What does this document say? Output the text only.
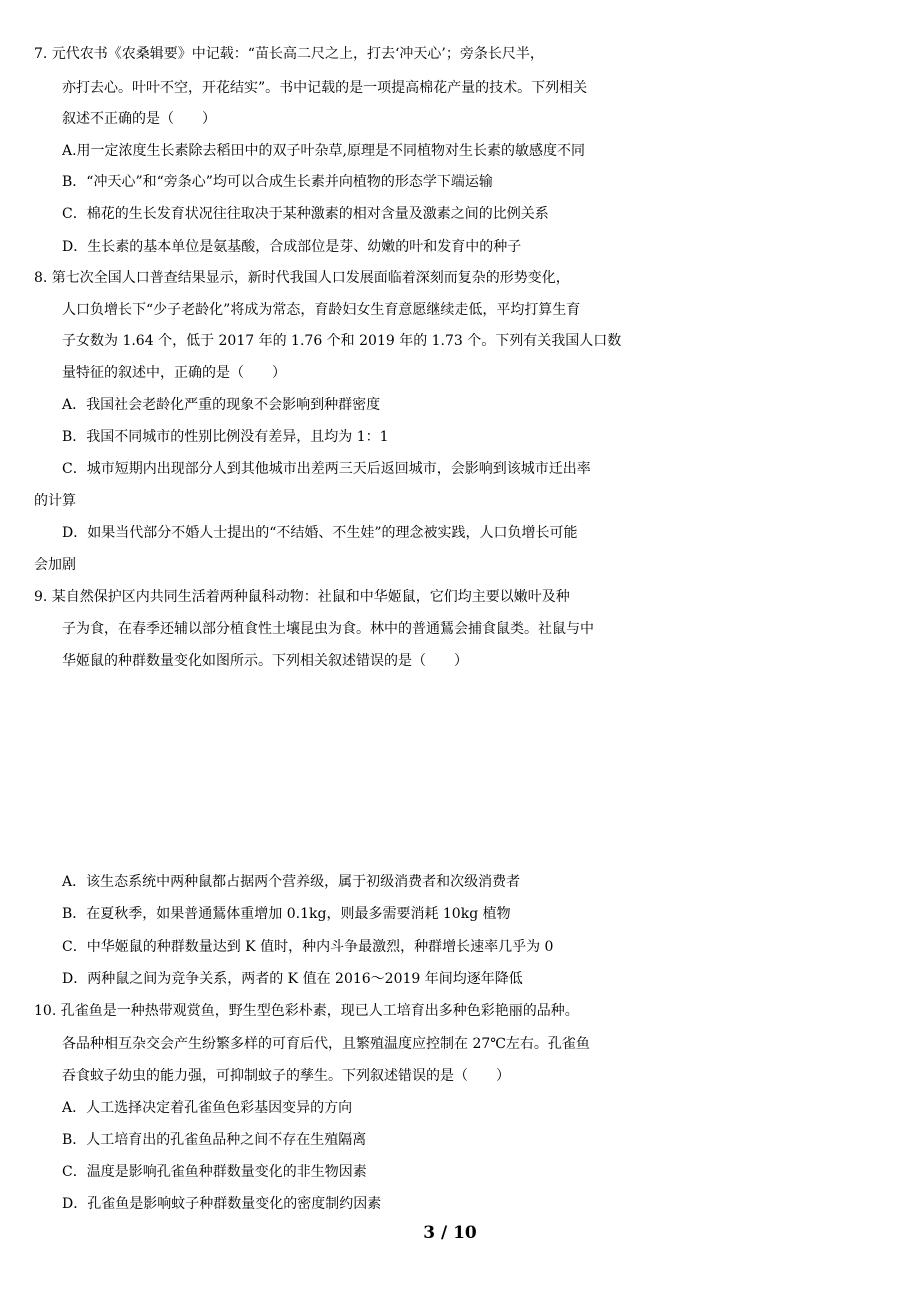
7. 元代农书《农桑辑要》中记载：“苗长高二尺之上，打去‘冲天心’；旁条长尺半，
亦打去心。叶叶不空，开花结实”。书中记载的是一项提高棉花产量的技术。下列相关
叙述不正确的是（　　）
A.用一定浓度生长素除去稻田中的双子叶杂草,原理是不同植物对生长素的敏感度不同
B．“冲天心”和“旁条心”均可以合成生长素并向植物的形态学下端运输
C．棉花的生长发育状况往往取决于某种激素的相对含量及激素之间的比例关系
D．生长素的基本单位是氨基酸，合成部位是芽、幼嫩的叶和发育中的种子
8. 第七次全国人口普查结果显示，新时代我国人口发展面临着深刻而复杂的形势变化，
人口负增长下“少子老龄化”将成为常态，育龄妇女生育意愿继续走低，平均打算生育
子女数为 1.64 个，低于 2017 年的 1.76 个和 2019 年的 1.73 个。下列有关我国人口数
量特征的叙述中，正确的是（　　）
A．我国社会老龄化严重的现象不会影响到种群密度
B．我国不同城市的性别比例没有差异，且均为 1：1
C．城市短期内出现部分人到其他城市出差两三天后返回城市，会影响到该城市迁出率
的计算
D．如果当代部分不婚人士提出的“不结婚、不生娃”的理念被实践，人口负增长可能
会加剧
9. 某自然保护区内共同生活着两种鼠科动物：社鼠和中华姬鼠，它们均主要以嫩叶及种
子为食，在春季还辅以部分植食性土壤昆虫为食。林中的普通鵟会捕食鼠类。社鼠与中
华姬鼠的种群数量变化如图所示。下列相关叙述错误的是（　　）
A．该生态系统中两种鼠都占据两个营养级，属于初级消费者和次级消费者
B．在夏秋季，如果普通鵟体重增加 0.1kg，则最多需要消耗 10kg 植物
C．中华姬鼠的种群数量达到 K 值时，种内斗争最激烈，种群增长速率几乎为 0
D．两种鼠之间为竞争关系，两者的 K 值在 2016～2019 年间均逐年降低
10. 孔雀鱼是一种热带观赏鱼，野生型色彩朴素，现已人工培育出多种色彩艳丽的品种。
各品种相互杂交会产生纷繁多样的可育后代，且繁殖温度应控制在 27℃左右。孔雀鱼
吞食蚊子幼虫的能力强，可抑制蚊子的孳生。下列叙述错误的是（　　）
A．人工选择决定着孔雀鱼色彩基因变异的方向
B．人工培育出的孔雀鱼品种之间不存在生殖隔离
C．温度是影响孔雀鱼种群数量变化的非生物因素
D．孔雀鱼是影响蚊子种群数量变化的密度制约因素
3 / 10
